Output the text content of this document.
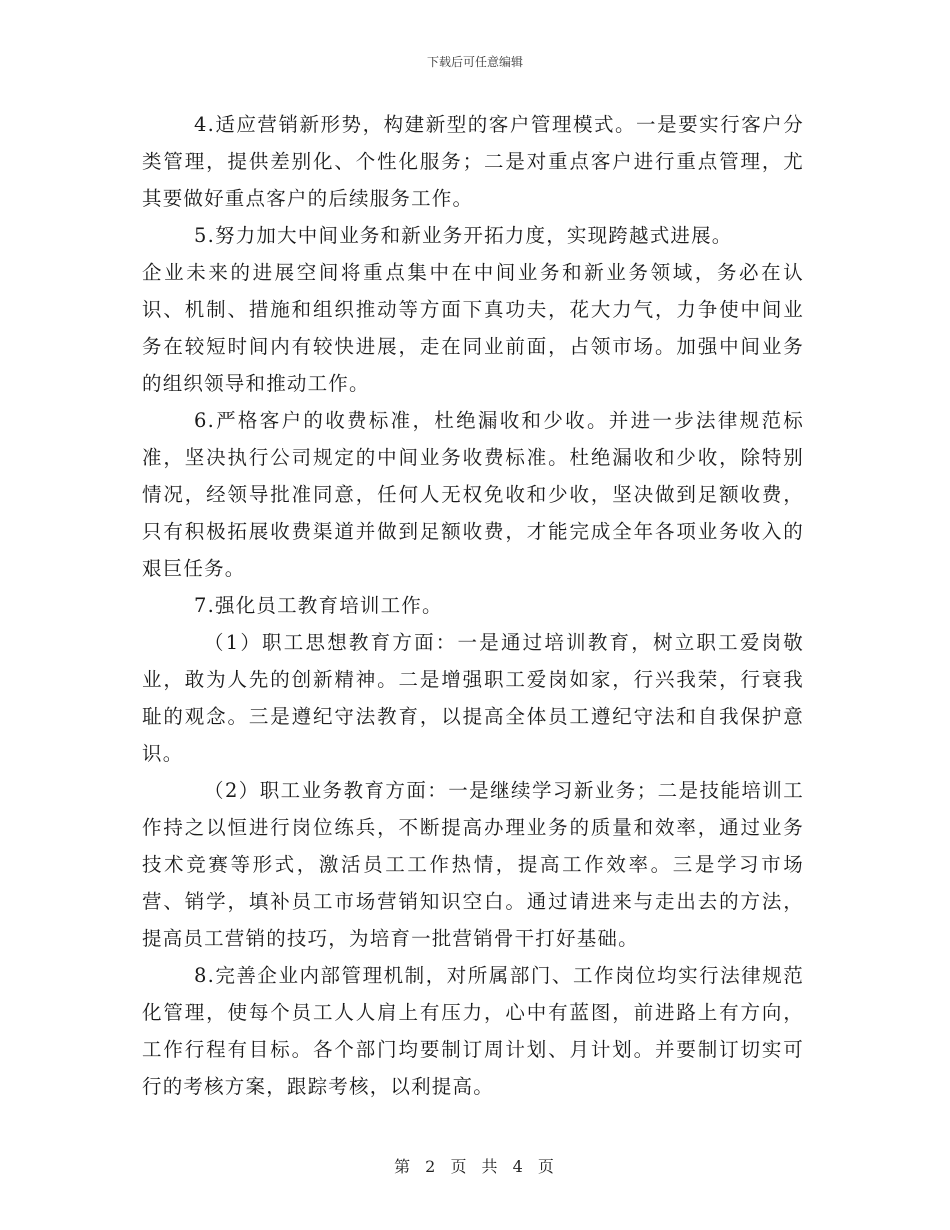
下载后可任意编辑

4.适应营销新形势，构建新型的客户管理模式。一是要实行客户分类管理，提供差别化、个性化服务；二是对重点客户进行重点管理，尤其要做好重点客户的后续服务工作。

5.努力加大中间业务和新业务开拓力度，实现跨越式进展。

企业未来的进展空间将重点集中在中间业务和新业务领域，务必在认识、机制、措施和组织推动等方面下真功夫，花大力气，力争使中间业务在较短时间内有较快进展，走在同业前面，占领市场。加强中间业务的组织领导和推动工作。

6.严格客户的收费标准，杜绝漏收和少收。并进一步法律规范标准，坚决执行公司规定的中间业务收费标准。杜绝漏收和少收，除特别情况，经领导批准同意，任何人无权免收和少收，坚决做到足额收费，只有积极拓展收费渠道并做到足额收费，才能完成全年各项业务收入的艰巨任务。

7.强化员工教育培训工作。

（1）职工思想教育方面：一是通过培训教育，树立职工爱岗敬业，敢为人先的创新精神。二是增强职工爱岗如家，行兴我荣，行衰我耻的观念。三是遵纪守法教育，以提高全体员工遵纪守法和自我保护意识。

（2）职工业务教育方面：一是继续学习新业务；二是技能培训工作持之以恒进行岗位练兵，不断提高办理业务的质量和效率，通过业务技术竞赛等形式，激活员工工作热情，提高工作效率。三是学习市场营、销学，填补员工市场营销知识空白。通过请进来与走出去的方法，提高员工营销的技巧，为培育一批营销骨干打好基础。

8.完善企业内部管理机制，对所属部门、工作岗位均实行法律规范化管理，使每个员工人人肩上有压力，心中有蓝图，前进路上有方向，工作行程有目标。各个部门均要制订周计划、月计划。并要制订切实可行的考核方案，跟踪考核，以利提高。

第 2 页 共 4 页
